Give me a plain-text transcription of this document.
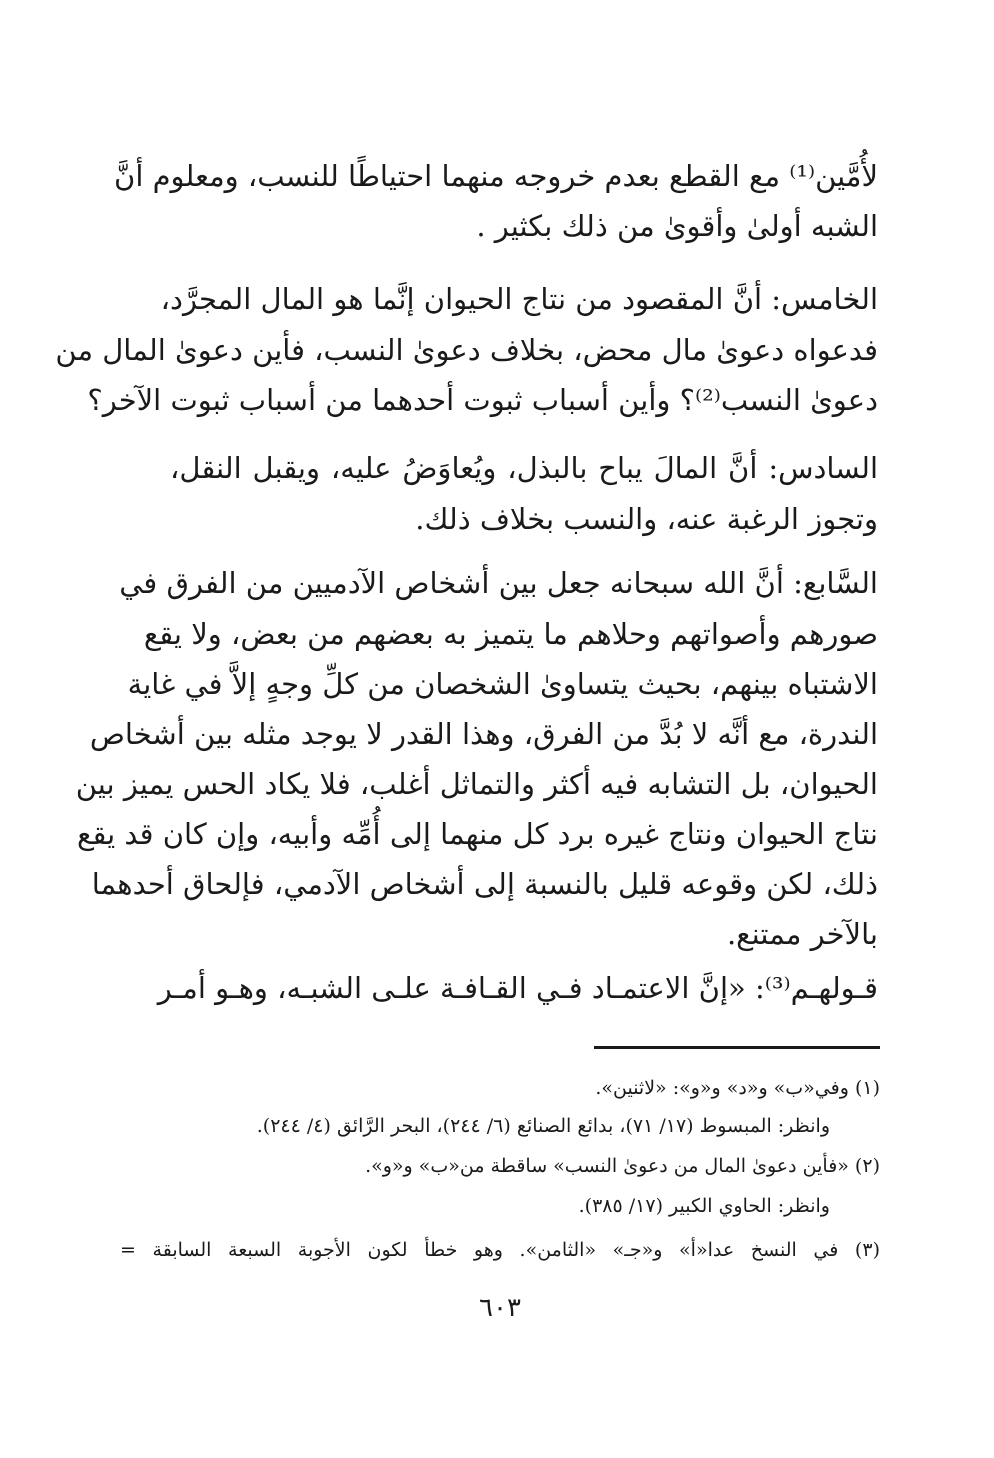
لأُمَّين⁽¹⁾ مع القطع بعدم خروجه منهما احتياطًا للنسب، ومعلوم أنَّ
الشبه أولىٰ وأقوىٰ من ذلك بكثير .
الخامس: أنَّ المقصود من نتاج الحيوان إنَّما هو المال المجرَّد،
فدعواه دعوىٰ مال محض، بخلاف دعوىٰ النسب، فأين دعوىٰ المال من
دعوىٰ النسب⁽²⁾؟ وأين أسباب ثبوت أحدهما من أسباب ثبوت الآخر؟
السادس: أنَّ المالَ يباح بالبذل، ويُعاوَضُ عليه، ويقبل النقل،
وتجوز الرغبة عنه، والنسب بخلاف ذلك.
السَّابع: أنَّ الله سبحانه جعل بين أشخاص الآدميين من الفرق في
صورهم وأصواتهم وحلاهم ما يتميز به بعضهم من بعض، ولا يقع
الاشتباه بينهم، بحيث يتساوىٰ الشخصان من كلِّ وجهٍ إلاَّ في غاية
الندرة، مع أنَّه لا بُدَّ من الفرق، وهذا القدر لا يوجد مثله بين أشخاص
الحيوان، بل التشابه فيه أكثر والتماثل أغلب، فلا يكاد الحس يميز بين
نتاج الحيوان ونتاج غيره برد كل منهما إلى أُمِّه وأبيه، وإن كان قد يقع
ذلك، لكن وقوعه قليل بالنسبة إلى أشخاص الآدمي، فإلحاق أحدهما
بالآخر ممتنع.
قـولهـم⁽³⁾: «إنَّ الاعتمـاد فـي القـافـة علـى الشبـه، وهـو أمـر
(١) وفي«ب» و«د» و«و»: «لاثنين».
وانظر: المبسوط (١٧/ ٧١)، بدائع الصنائع (٦/ ٢٤٤)، البحر الرَّائق (٤/ ٢٤٤).
(٢) «فأين دعوىٰ المال من دعوىٰ النسب» ساقطة من«ب» و«و».
وانظر: الحاوي الكبير (١٧/ ٣٨٥).
(٣) في النسخ عدا«أ» و«جـ» «الثامن». وهو خطأ لكون الأجوبة السبعة السابقة =
٦٠٣
